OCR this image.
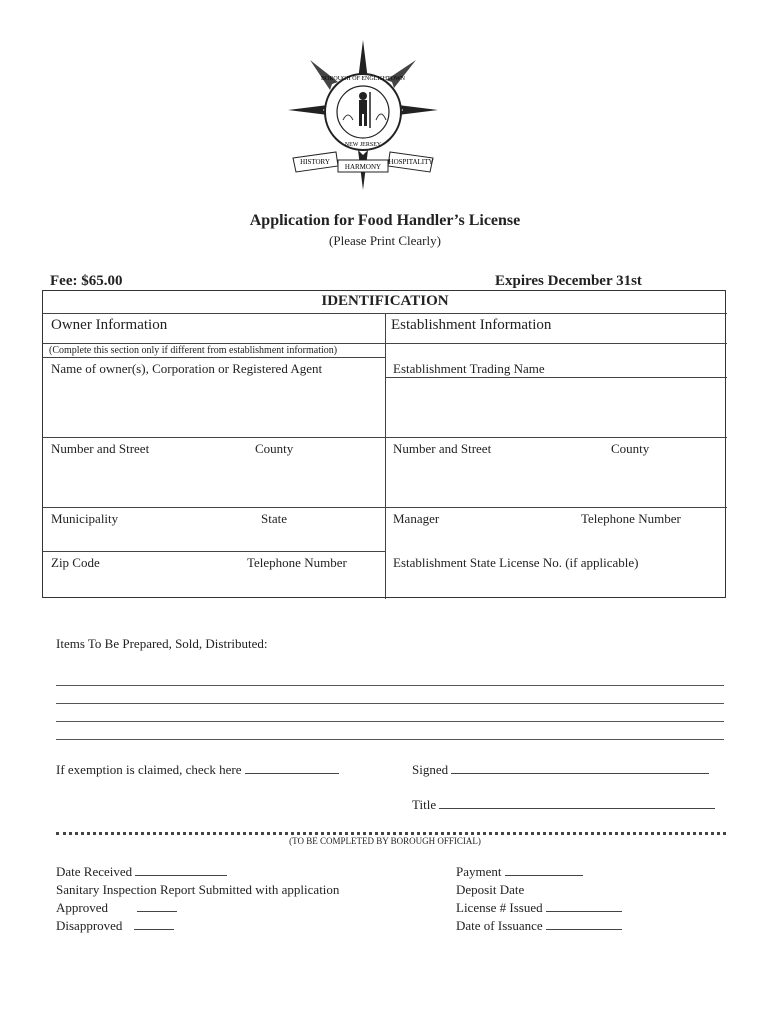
HISTORY
HARMONY
HOSPITALITY
NEW JERSEY
BOROUGH OF ENGLISHTOWN
Application for Food Handler’s License
(Please Print Clearly)
Fee: $65.00	Expires December 31st
IDENTIFICATION
Owner Information	Establishment Information
(Complete this section only if different from establishment information)
Name of owner(s), Corporation or Registered Agent	Establishment Trading Name
Number and Street	County	Number and Street	County
Municipality	State	Manager	Telephone Number
Zip Code	Telephone Number	Establishment State License No. (if applicable)
Items To Be Prepared, Sold, Distributed:
If exemption is claimed, check here	Signed
Title
(TO BE COMPLETED BY BOROUGH OFFICIAL)
Date Received
Sanitary Inspection Report Submitted with application
Approved
Disapproved
Payment
Deposit Date
License # Issued
Date of Issuance
